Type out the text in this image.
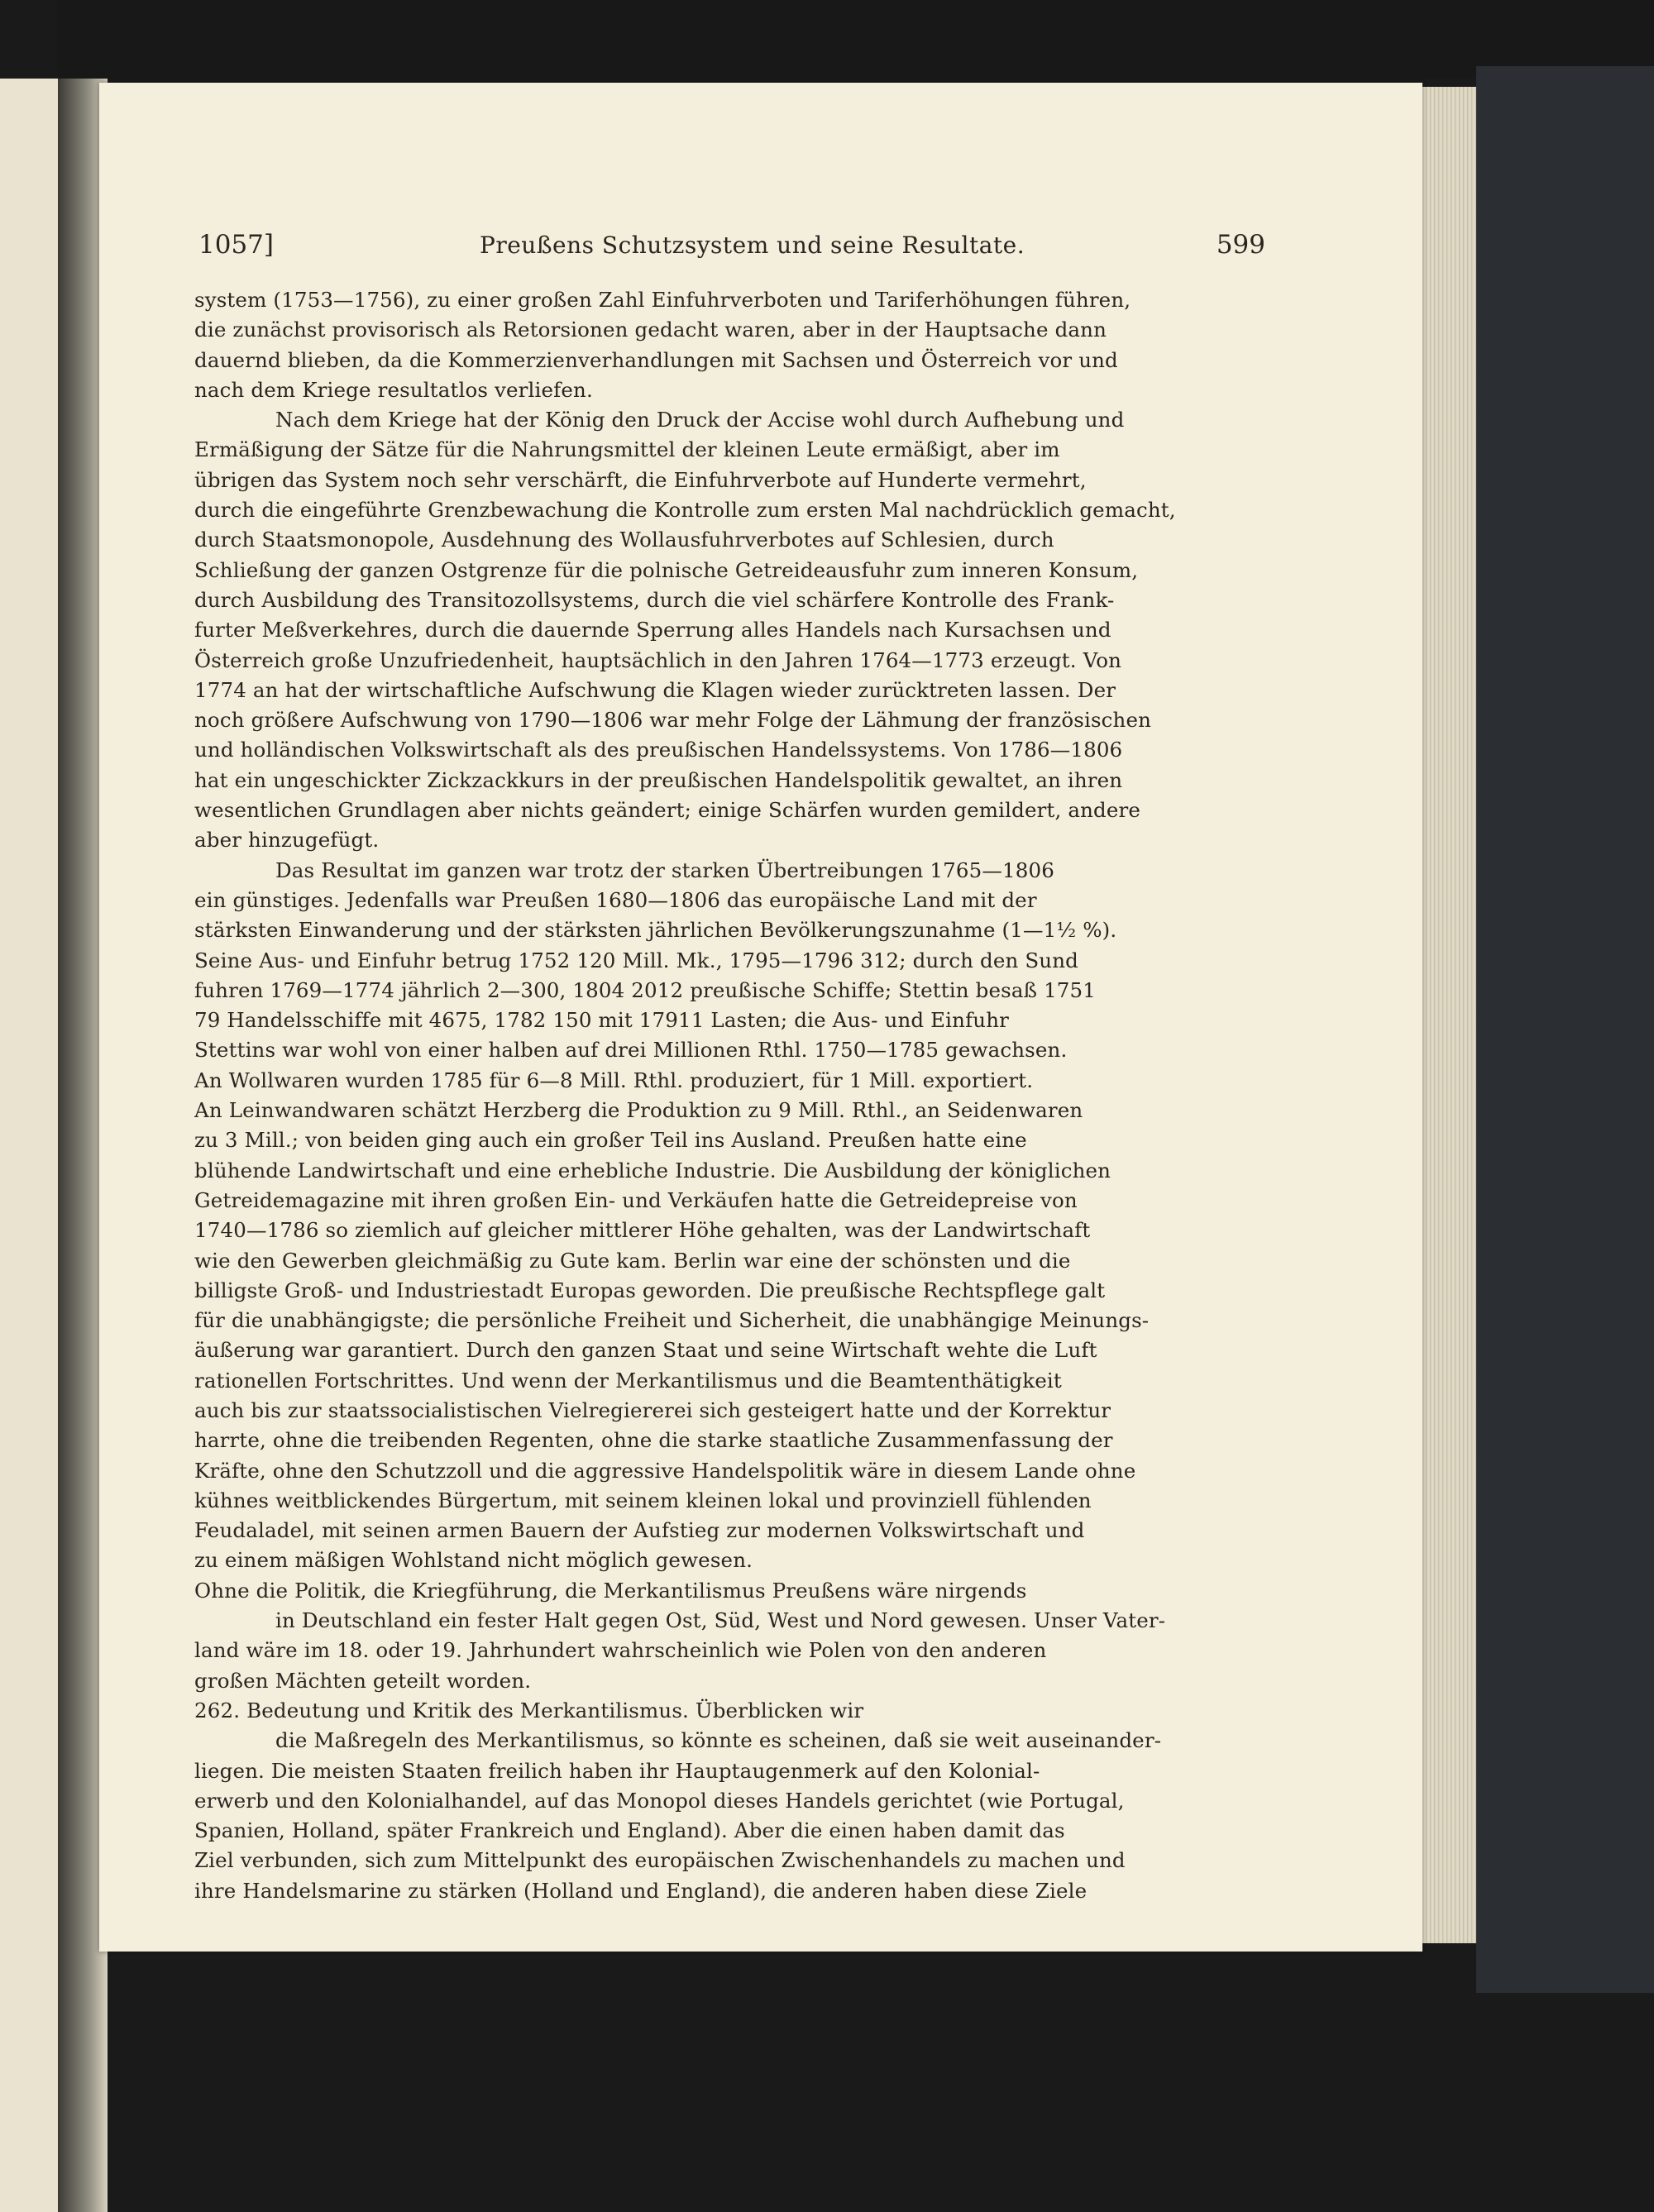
1057]	Preußens Schutzsystem und seine Resultate.	599
system (1753—1756), zu einer großen Zahl Einfuhrverboten und Tariferhöhungen führen,
die zunächst provisorisch als Retorsionen gedacht waren, aber in der Hauptsache dann
dauernd blieben, da die Kommerzienverhandlungen mit Sachsen und Österreich vor und
nach dem Kriege resultatlos verliefen.
Nach dem Kriege hat der König den Druck der Accise wohl durch Aufhebung und
Ermäßigung der Sätze für die Nahrungsmittel der kleinen Leute ermäßigt, aber im
übrigen das System noch sehr verschärft, die Einfuhrverbote auf Hunderte vermehrt,
durch die eingeführte Grenzbewachung die Kontrolle zum ersten Mal nachdrücklich gemacht,
durch Staatsmonopole, Ausdehnung des Wollausfuhrverbotes auf Schlesien, durch
Schließung der ganzen Ostgrenze für die polnische Getreideausfuhr zum inneren Konsum,
durch Ausbildung des Transitozollsystems, durch die viel schärfere Kontrolle des Frank-
furter Meßverkehres, durch die dauernde Sperrung alles Handels nach Kursachsen und
Österreich große Unzufriedenheit, hauptsächlich in den Jahren 1764—1773 erzeugt. Von
1774 an hat der wirtschaftliche Aufschwung die Klagen wieder zurücktreten lassen. Der
noch größere Aufschwung von 1790—1806 war mehr Folge der Lähmung der französischen
und holländischen Volkswirtschaft als des preußischen Handelssystems. Von 1786—1806
hat ein ungeschickter Zickzackkurs in der preußischen Handelspolitik gewaltet, an ihren
wesentlichen Grundlagen aber nichts geändert; einige Schärfen wurden gemildert, andere
aber hinzugefügt.
Das Resultat im ganzen war trotz der starken Übertreibungen 1765—1806
ein günstiges. Jedenfalls war Preußen 1680—1806 das europäische Land mit der
stärksten Einwanderung und der stärksten jährlichen Bevölkerungszunahme (1—1½ %).
Seine Aus- und Einfuhr betrug 1752 120 Mill. Mk., 1795—1796 312; durch den Sund
fuhren 1769—1774 jährlich 2—300, 1804 2012 preußische Schiffe; Stettin besaß 1751
79 Handelsschiffe mit 4675, 1782 150 mit 17911 Lasten; die Aus- und Einfuhr
Stettins war wohl von einer halben auf drei Millionen Rthl. 1750—1785 gewachsen.
An Wollwaren wurden 1785 für 6—8 Mill. Rthl. produziert, für 1 Mill. exportiert.
An Leinwandwaren schätzt Herzberg die Produktion zu 9 Mill. Rthl., an Seidenwaren
zu 3 Mill.; von beiden ging auch ein großer Teil ins Ausland. Preußen hatte eine
blühende Landwirtschaft und eine erhebliche Industrie. Die Ausbildung der königlichen
Getreidemagazine mit ihren großen Ein- und Verkäufen hatte die Getreidepreise von
1740—1786 so ziemlich auf gleicher mittlerer Höhe gehalten, was der Landwirtschaft
wie den Gewerben gleichmäßig zu Gute kam. Berlin war eine der schönsten und die
billigste Groß- und Industriestadt Europas geworden. Die preußische Rechtspflege galt
für die unabhängigste; die persönliche Freiheit und Sicherheit, die unabhängige Meinungs-
äußerung war garantiert. Durch den ganzen Staat und seine Wirtschaft wehte die Luft
rationellen Fortschrittes. Und wenn der Merkantilismus und die Beamtenthätigkeit
auch bis zur staatssocialistischen Vielregiererei sich gesteigert hatte und der Korrektur
harrte, ohne die treibenden Regenten, ohne die starke staatliche Zusammenfassung der
Kräfte, ohne den Schutzzoll und die aggressive Handelspolitik wäre in diesem Lande ohne
kühnes weitblickendes Bürgertum, mit seinem kleinen lokal und provinziell fühlenden
Feudaladel, mit seinen armen Bauern der Aufstieg zur modernen Volkswirtschaft und
zu einem mäßigen Wohlstand nicht möglich gewesen.
Ohne die Politik, die Kriegführung, die Merkantilismus Preußens wäre nirgends
in Deutschland ein fester Halt gegen Ost, Süd, West und Nord gewesen. Unser Vater-
land wäre im 18. oder 19. Jahrhundert wahrscheinlich wie Polen von den anderen
großen Mächten geteilt worden.
262. Bedeutung und Kritik des Merkantilismus. Überblicken wir
die Maßregeln des Merkantilismus, so könnte es scheinen, daß sie weit auseinander-
liegen. Die meisten Staaten freilich haben ihr Hauptaugenmerk auf den Kolonial-
erwerb und den Kolonialhandel, auf das Monopol dieses Handels gerichtet (wie Portugal,
Spanien, Holland, später Frankreich und England). Aber die einen haben damit das
Ziel verbunden, sich zum Mittelpunkt des europäischen Zwischenhandels zu machen und
ihre Handelsmarine zu stärken (Holland und England), die anderen haben diese Ziele
